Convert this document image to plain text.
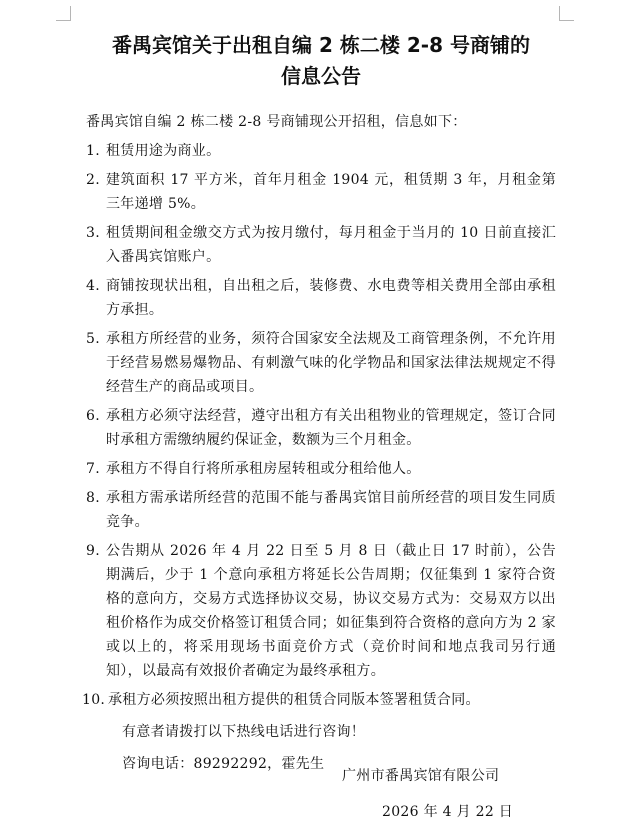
番禺宾馆关于出租自编 2 栋二楼 2-8 号商铺的
信息公告
番禺宾馆自编 2 栋二楼 2-8 号商铺现公开招租，信息如下：
1. 租赁用途为商业。
2. 建筑面积 17 平方米，首年月租金 1904 元，租赁期 3 年，月租金第三年递增 5%。
3. 租赁期间租金缴交方式为按月缴付，每月租金于当月的 10 日前直接汇入番禺宾馆账户。
4. 商铺按现状出租，自出租之后，装修费、水电费等相关费用全部由承租方承担。
5. 承租方所经营的业务，须符合国家安全法规及工商管理条例，不允许用于经营易燃易爆物品、有刺激气味的化学物品和国家法律法规规定不得经营生产的商品或项目。
6. 承租方必须守法经营，遵守出租方有关出租物业的管理规定，签订合同时承租方需缴纳履约保证金，数额为三个月租金。
7. 承租方不得自行将所承租房屋转租或分租给他人。
8. 承租方需承诺所经营的范围不能与番禺宾馆目前所经营的项目发生同质竞争。
9. 公告期从 2026 年 4 月 22 日至 5 月 8 日（截止日 17 时前），公告期满后，少于 1 个意向承租方将延长公告周期；仅征集到 1 家符合资格的意向方，交易方式选择协议交易，协议交易方式为：交易双方以出租价格作为成交价格签订租赁合同；如征集到符合资格的意向方为 2 家或以上的，将采用现场书面竞价方式（竞价时间和地点我司另行通知），以最高有效报价者确定为最终承租方。
10. 承租方必须按照出租方提供的租赁合同版本签署租赁合同。
有意者请拨打以下热线电话进行咨询！
咨询电话：89292292，霍先生
广州市番禺宾馆有限公司
2026 年 4 月 22 日
